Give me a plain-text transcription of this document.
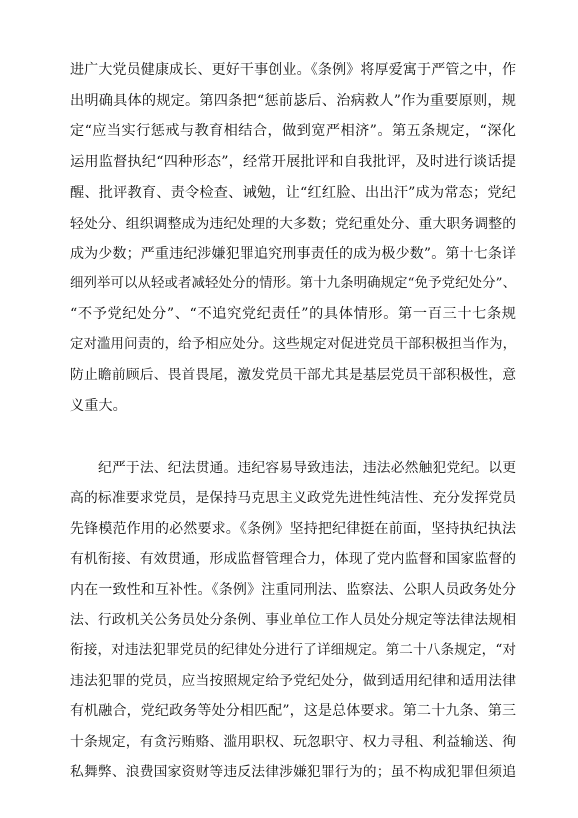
进广大党员健康成长、更好干事创业。《条例》将厚爱寓于严管之中，作
出明确具体的规定。第四条把“惩前毖后、治病救人”作为重要原则，规
定“应当实行惩戒与教育相结合，做到宽严相济”。第五条规定，“深化
运用监督执纪“四种形态”，经常开展批评和自我批评，及时进行谈话提
醒、批评教育、责令检查、诫勉，让“红红脸、出出汗”成为常态；党纪
轻处分、组织调整成为违纪处理的大多数；党纪重处分、重大职务调整的
成为少数；严重违纪涉嫌犯罪追究刑事责任的成为极少数”。第十七条详
细列举可以从轻或者减轻处分的情形。第十九条明确规定“免予党纪处分”、
“不予党纪处分”、“不追究党纪责任”的具体情形。第一百三十七条规
定对滥用问责的，给予相应处分。这些规定对促进党员干部积极担当作为，
防止瞻前顾后、畏首畏尾，激发党员干部尤其是基层党员干部积极性，意
义重大。
纪严于法、纪法贯通。违纪容易导致违法，违法必然触犯党纪。以更
高的标准要求党员，是保持马克思主义政党先进性纯洁性、充分发挥党员
先锋模范作用的必然要求。《条例》坚持把纪律挺在前面，坚持执纪执法
有机衔接、有效贯通，形成监督管理合力，体现了党内监督和国家监督的
内在一致性和互补性。《条例》注重同刑法、监察法、公职人员政务处分
法、行政机关公务员处分条例、事业单位工作人员处分规定等法律法规相
衔接，对违法犯罪党员的纪律处分进行了详细规定。第二十八条规定，“对
违法犯罪的党员，应当按照规定给予党纪处分，做到适用纪律和适用法律
有机融合，党纪政务等处分相匹配”，这是总体要求。第二十九条、第三
十条规定，有贪污贿赂、滥用职权、玩忽职守、权力寻租、利益输送、徇
私舞弊、浪费国家资财等违反法律涉嫌犯罪行为的；虽不构成犯罪但须追
